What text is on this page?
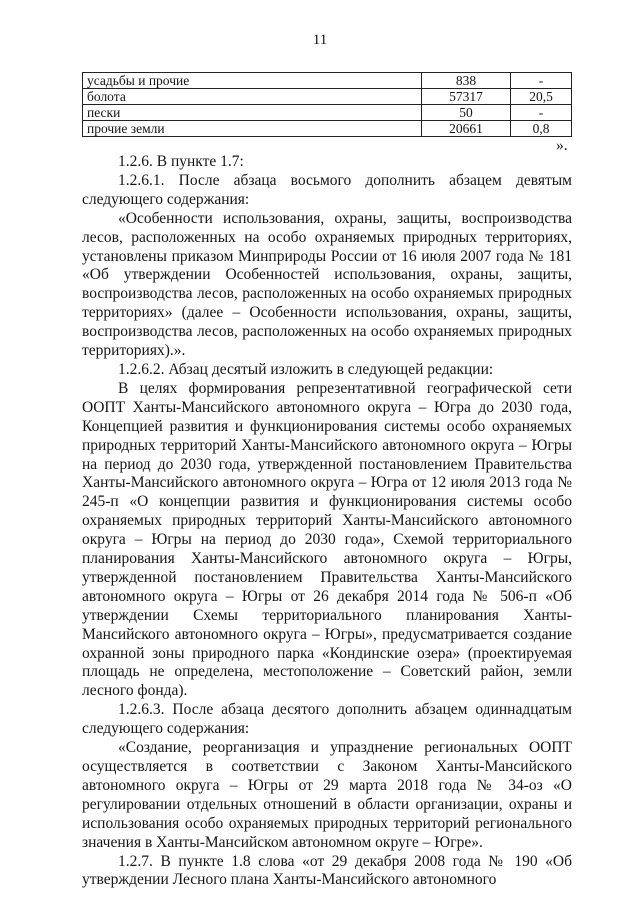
11
усадьбы и прочие	838	-
болота	57317	20,5
пески	50	-
прочие земли	20661	0,8
».

1.2.6. В пункте 1.7:

1.2.6.1. После абзаца восьмого дополнить абзацем девятым следующего содержания:

«Особенности использования, охраны, защиты, воспроизводства лесов, расположенных на особо охраняемых природных территориях, установлены приказом Минприроды России от 16 июля 2007 года № 181 «Об утверждении Особенностей использования, охраны, защиты, воспроизводства лесов, расположенных на особо охраняемых природных территориях» (далее – Особенности использования, охраны, защиты, воспроизводства лесов, расположенных на особо охраняемых природных территориях).».

1.2.6.2. Абзац десятый изложить в следующей редакции:

В целях формирования репрезентативной географической сети ООПТ Ханты-Мансийского автономного округа – Югра до 2030 года, Концепцией развития и функционирования системы особо охраняемых природных территорий Ханты-Мансийского автономного округа – Югры на период до 2030 года, утвержденной постановлением Правительства Ханты-Мансийского автономного округа – Югра от 12 июля 2013 года № 245-п «О концепции развития и функционирования системы особо охраняемых природных территорий Ханты-Мансийского автономного округа – Югры на период до 2030 года», Схемой территориального планирования Ханты-Мансийского автономного округа – Югры, утвержденной постановлением Правительства Ханты-Мансийского автономного округа – Югры от 26 декабря 2014 года № 506-п «Об утверждении Схемы территориального планирования Ханты-Мансийского автономного округа – Югры», предусматривается создание охранной зоны природного парка «Кондинские озера» (проектируемая площадь не определена, местоположение – Советский район, земли лесного фонда).

1.2.6.3. После абзаца десятого дополнить абзацем одиннадцатым следующего содержания:

«Создание, реорганизация и упразднение региональных ООПТ осуществляется в соответствии с Законом Ханты-Мансийского автономного округа – Югры от 29 марта 2018 года № 34-оз «О регулировании отдельных отношений в области организации, охраны и использования особо охраняемых природных территорий регионального значения в Ханты-Мансийском автономном округе – Югре».

1.2.7. В пункте 1.8 слова «от 29 декабря 2008 года № 190 «Об утверждении Лесного плана Ханты-Мансийского автономного
